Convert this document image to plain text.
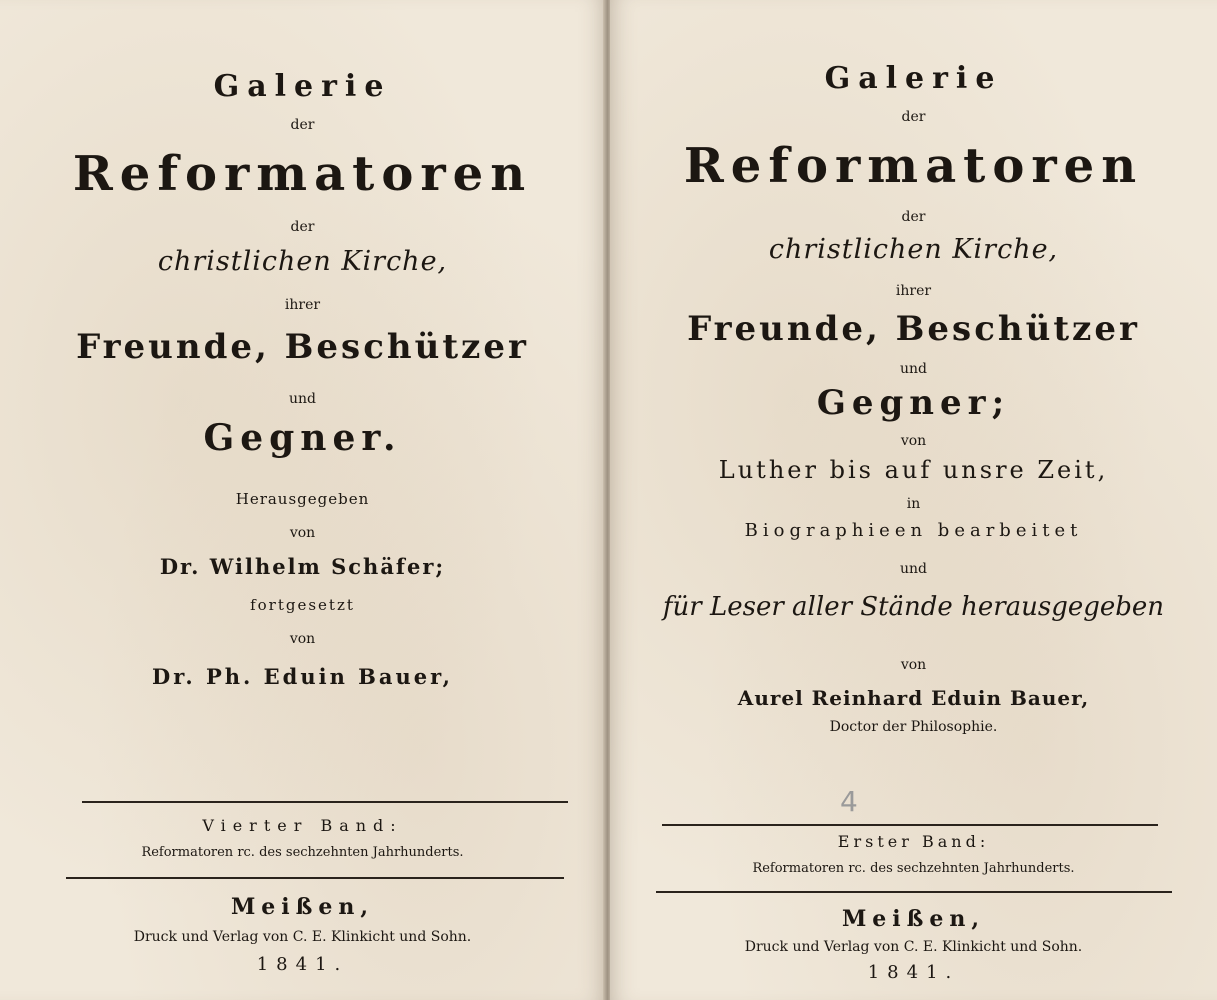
Galerie
der
Reformatoren
der
christlichen Kirche,
ihrer
Freunde, Beschützer
und
Gegner.
Herausgegeben
von
Dr. Wilhelm Schäfer;
fortgesetzt
von
Dr. Ph. Eduin Bauer,
Vierter Band:
Reformatoren rc. des sechzehnten Jahrhunderts.
Meißen,
Druck und Verlag von C. E. Klinkicht und Sohn.
1841.
Galerie
der
Reformatoren
der
christlichen Kirche,
ihrer
Freunde, Beschützer
und
Gegner;
von
Luther bis auf unsre Zeit,
in
Biographieen bearbeitet
und
für Leser aller Stände herausgegeben
von
Aurel Reinhard Eduin Bauer,
Doctor der Philosophie.
4
Erster Band:
Reformatoren rc. des sechzehnten Jahrhunderts.
Meißen,
Druck und Verlag von C. E. Klinkicht und Sohn.
1841.
